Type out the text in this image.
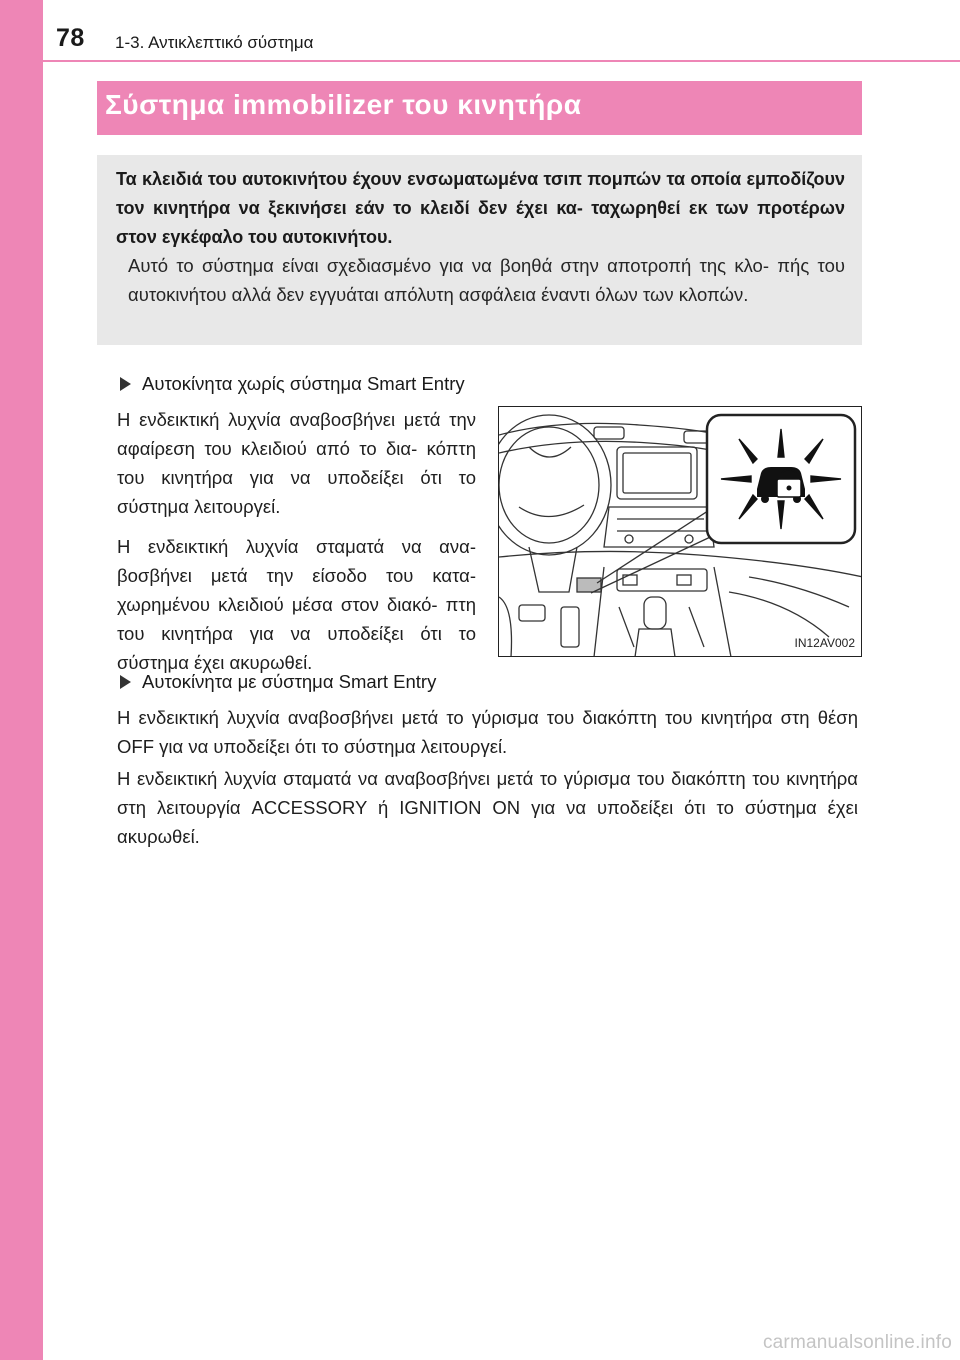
78 1-3. Αντικλεπτικό σύστημα
Σύστημα immobilizer του κινητήρα
Τα κλειδιά του αυτοκινήτου έχουν ενσωματωμένα τσιπ πομπών τα οποία εμποδίζουν τον κινητήρα να ξεκινήσει εάν το κλειδί δεν έχει κα- ταχωρηθεί εκ των προτέρων στον εγκέφαλο του αυτοκινήτου.
Αυτό το σύστημα είναι σχεδιασμένο για να βοηθά στην αποτροπή της κλο- πής του αυτοκινήτου αλλά δεν εγγυάται απόλυτη ασφάλεια έναντι όλων των κλοπών.
Αυτοκίνητα χωρίς σύστημα Smart Entry
Η ενδεικτική λυχνία αναβοσβήνει μετά την αφαίρεση του κλειδιού από το δια- κόπτη του κινητήρα για να υποδείξει ότι το σύστημα λειτουργεί.
Η ενδεικτική λυχνία σταματά να ανα- βοσβήνει μετά την είσοδο του κατα- χωρημένου κλειδιού μέσα στον διακό- πτη του κινητήρα για να υποδείξει ότι το σύστημα έχει ακυρωθεί.
IN12AV002
Αυτοκίνητα με σύστημα Smart Entry
Η ενδεικτική λυχνία αναβοσβήνει μετά το γύρισμα του διακόπτη του κινητήρα στη θέση OFF για να υποδείξει ότι το σύστημα λειτουργεί.
Η ενδεικτική λυχνία σταματά να αναβοσβήνει μετά το γύρισμα του διακόπτη του κινητήρα στη λειτουργία ACCESSORY ή IGNITION ON για να υποδείξει ότι το σύστημα έχει ακυρωθεί.
carmanualsonline.info
